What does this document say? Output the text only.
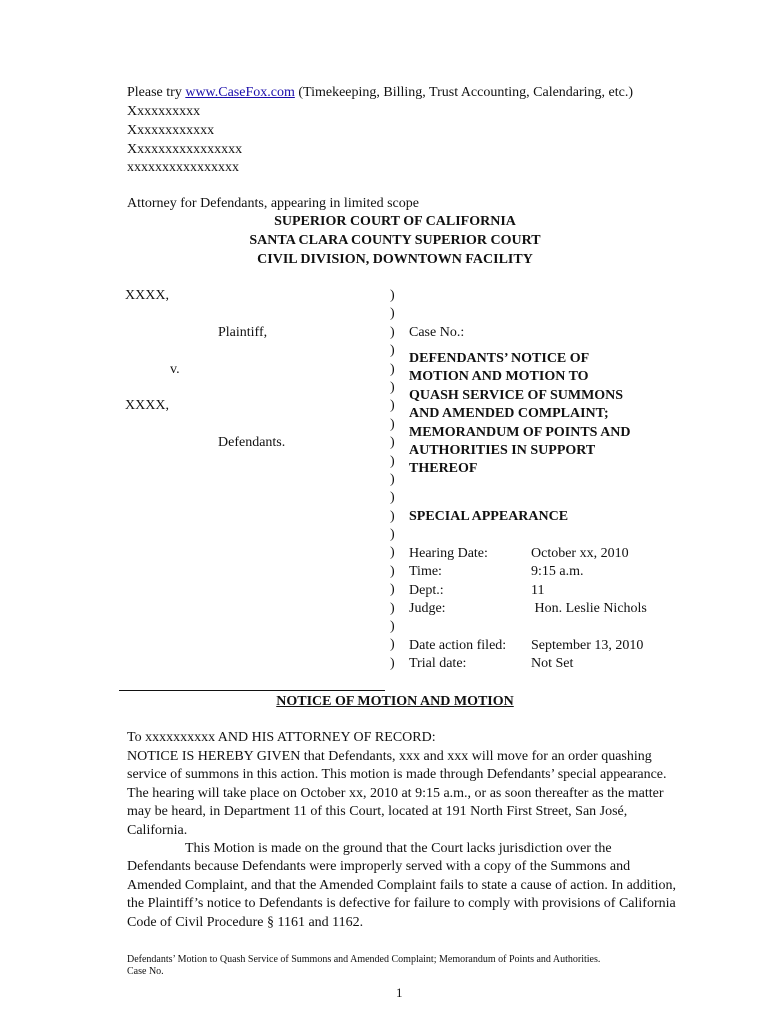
Please try www.CaseFox.com (Timekeeping, Billing, Trust Accounting, Calendaring, etc.)
Xxxxxxxxxx
Xxxxxxxxxxxx
Xxxxxxxxxxxxxxxx
xxxxxxxxxxxxxxxx
Attorney for Defendants, appearing in limited scope
SUPERIOR COURT OF CALIFORNIA
SANTA CLARA COUNTY SUPERIOR COURT
CIVIL DIVISION, DOWNTOWN FACILITY
XXXX,
Plaintiff,
v.
XXXX,
Defendants.
)
)
)
)
)
)
)
)
)
)
)
)
)
)
)
)
)
)
)
)
)
Case No.:
DEFENDANTS’ NOTICE OF
MOTION AND MOTION TO
QUASH SERVICE OF SUMMONS
AND AMENDED COMPLAINT;
MEMORANDUM OF POINTS AND
AUTHORITIES IN SUPPORT
THEREOF
SPECIAL APPEARANCE
Hearing Date:	October xx, 2010
Time:	9:15 a.m.
Dept.:	11
Judge:	Hon. Leslie Nichols
Date action filed: September 13, 2010
Trial date:	Not Set
NOTICE OF MOTION AND MOTION
To xxxxxxxxxx AND HIS ATTORNEY OF RECORD:
NOTICE IS HEREBY GIVEN that Defendants, xxx and xxx will move for an order quashing service of summons in this action. This motion is made through Defendants’ special appearance. The hearing will take place on October xx, 2010 at 9:15 a.m., or as soon thereafter as the matter may be heard, in Department 11 of this Court, located at 191 North First Street, San José, California.
This Motion is made on the ground that the Court lacks jurisdiction over the Defendants because Defendants were improperly served with a copy of the Summons and Amended Complaint, and that the Amended Complaint fails to state a cause of action. In addition, the Plaintiff’s notice to Defendants is defective for failure to comply with provisions of California Code of Civil Procedure § 1161 and 1162.
Defendants’ Motion to Quash Service of Summons and Amended Complaint; Memorandum of Points and Authorities.
Case No.
1
